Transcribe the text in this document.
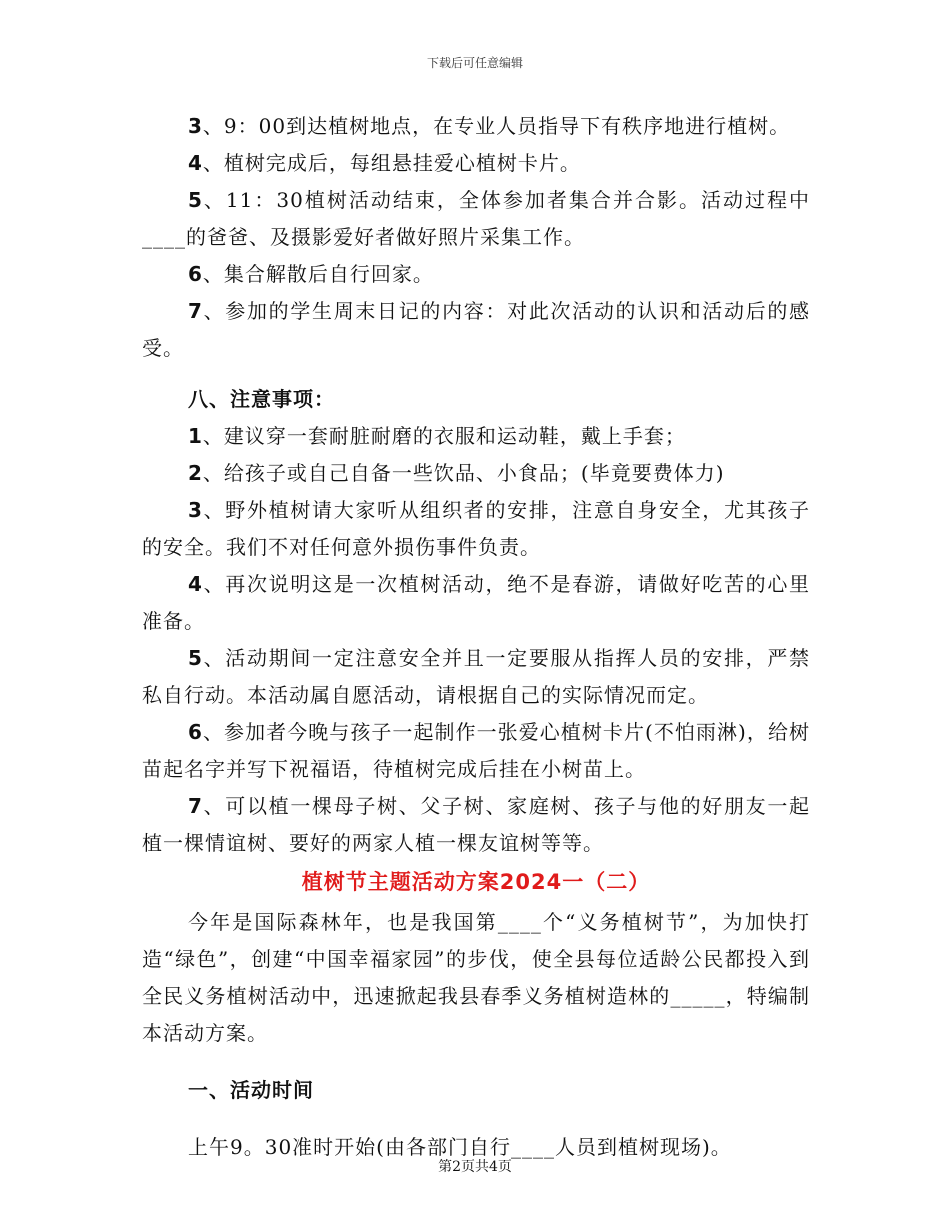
下载后可任意编辑

3、9：00到达植树地点，在专业人员指导下有秩序地进行植树。

4、植树完成后，每组悬挂爱心植树卡片。

5、11：30植树活动结束，全体参加者集合并合影。活动过程中____的爸爸、及摄影爱好者做好照片采集工作。

6、集合解散后自行回家。

7、参加的学生周末日记的内容：对此次活动的认识和活动后的感受。

八、注意事项：

1、建议穿一套耐脏耐磨的衣服和运动鞋，戴上手套；

2、给孩子或自己自备一些饮品、小食品；(毕竟要费体力)

3、野外植树请大家听从组织者的安排，注意自身安全，尤其孩子的安全。我们不对任何意外损伤事件负责。

4、再次说明这是一次植树活动，绝不是春游，请做好吃苦的心里准备。

5、活动期间一定注意安全并且一定要服从指挥人员的安排，严禁私自行动。本活动属自愿活动，请根据自己的实际情况而定。

6、参加者今晚与孩子一起制作一张爱心植树卡片(不怕雨淋)，给树苗起名字并写下祝福语，待植树完成后挂在小树苗上。

7、可以植一棵母子树、父子树、家庭树、孩子与他的好朋友一起植一棵情谊树、要好的两家人植一棵友谊树等等。

植树节主题活动方案2024一（二）

今年是国际森林年，也是我国第____个“义务植树节”，为加快打造“绿色”，创建“中国幸福家园”的步伐，使全县每位适龄公民都投入到全民义务植树活动中，迅速掀起我县春季义务植树造林的_____，特编制本活动方案。

一、活动时间

上午9。30准时开始(由各部门自行____人员到植树现场)。

第2页共4页
